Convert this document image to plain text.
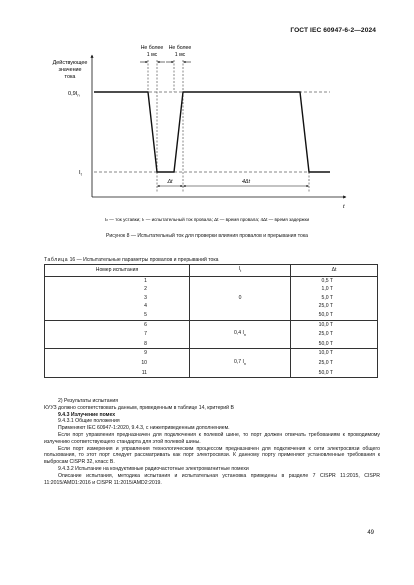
ГОСТ IEC 60947-6-2—2024
Действующее
значение
тока
t
$0,9I_n$
$I_t$
Не более
1 мс
Не более
1 мс
Δt	4Δt
Iₙ — ток уставки; Iₜ — испытательный ток провала; Δt — время провала; 4Δt — время задержки
Рисунок 8 — Испытательный ток для проверки влияния провалов и прерывания тока
Таблица 16 — Испытательные параметры провалов и прерываний тока
Номер испытания	$I_t$	Δt
1		0,5 T
2		1,0 T
3	0	5,0 T
4		25,0 T
5		50,0 T
6		10,0 T
7	0,4 $I_n$	25,0 T
8		50,0 T
9		10,0 T
10	0,7 $I_n$	25,0 T
11		50,0 T

2) Результаты испытания

КУУЗ должно соответствовать данным, приведенным в таблице 14, критерий В

9.4.3 Излучение помех

9.4.3.1 Общие положения

Применяют IEC 60947-1:2020, 9.4.3, с нижеприведенным дополнением.

Если порт управления предназначен для подключения к полевой шине, то порт должен отвечать требованиям к проводимому излучению соответствующего стандарта для этой полевой шины.

Если порт измерения и управления технологическим процессом предназначен для подключения к сети электросвязи общего пользования, то этот порт следует рассматривать как порт электросвязи. К данному порту применяют установленные требования к выбросам CISPR 32, класс В.

9.4.3.2 Испытание на кондуктивные радиочастотные электромагнитные помехи

Описание испытания, методика испытания и испытательная установка приведены в разделе 7 CISPR 11:2015, CISPR 11:2015/AMD1:2016 и CISPR 11:2015/AMD2:2019.

49
